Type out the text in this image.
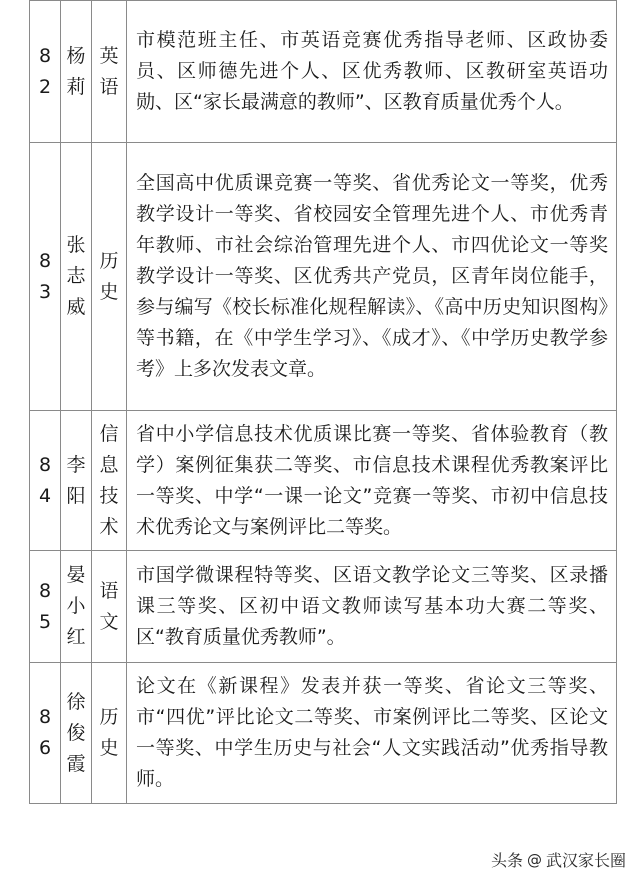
82	杨莉	英语	市模范班主任、市英语竞赛优秀指导老师、区政协委员、区师德先进个人、区优秀教师、区教研室英语功勋、区“家长最满意的教师”、区教育质量优秀个人。

83	张志威	历史	全国高中优质课竞赛一等奖、省优秀论文一等奖，优秀教学设计一等奖、省校园安全管理先进个人、市优秀青年教师、市社会综治管理先进个人、市四优论文一等奖教学设计一等奖、区优秀共产党员，区青年岗位能手，参与编写《校长标准化规程解读》、《高中历史知识图构》等书籍，在《中学生学习》、《成才》、《中学历史教学参考》上多次发表文章。

84	李阳	信息技术	省中小学信息技术优质课比赛一等奖、省体验教育（教学）案例征集获二等奖、市信息技术课程优秀教案评比一等奖、中学“一课一论文”竞赛一等奖、市初中信息技术优秀论文与案例评比二等奖。

85	晏小红	语文	市国学微课程特等奖、区语文教学论文三等奖、区录播课三等奖、区初中语文教师读写基本功大赛二等奖、区“教育质量优秀教师”。

86	徐俊霞	历史	论文在《新课程》发表并获一等奖、省论文三等奖、市“四优”评比论文二等奖、市案例评比二等奖、区论文一等奖、中学生历史与社会“人文实践活动”优秀指导教师。
头条 @ 武汉家长圈
